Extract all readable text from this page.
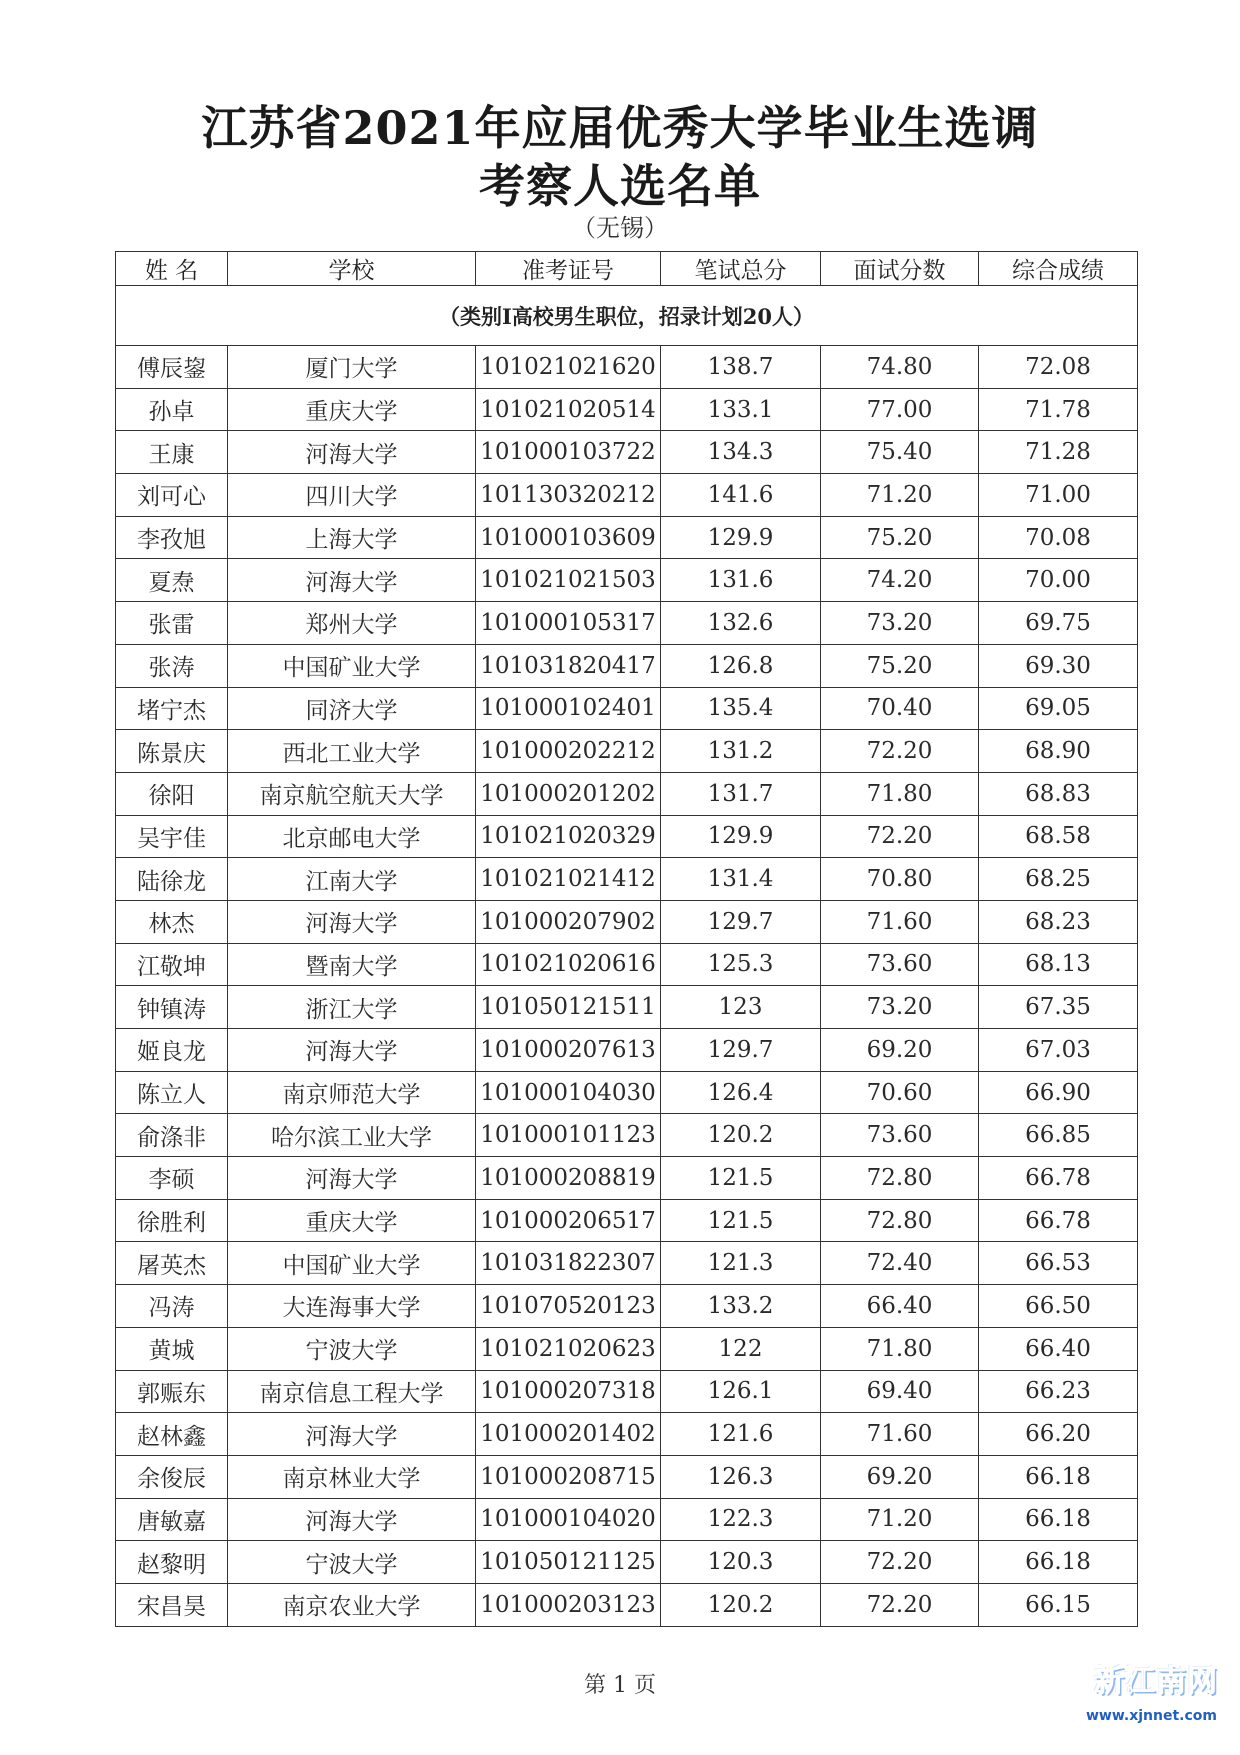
江苏省2021年应届优秀大学毕业生选调
考察人选名单
（无锡）
姓 名	学校	准考证号	笔试总分	面试分数	综合成绩
（类别Ⅰ高校男生职位，招录计划20人）					
傅辰鋆	厦门大学	101021021620	138.7	74.80	72.08
孙卓	重庆大学	101021020514	133.1	77.00	71.78
王康	河海大学	101000103722	134.3	75.40	71.28
刘可心	四川大学	101130320212	141.6	71.20	71.00
李孜旭	上海大学	101000103609	129.9	75.20	70.08
夏焘	河海大学	101021021503	131.6	74.20	70.00
张雷	郑州大学	101000105317	132.6	73.20	69.75
张涛	中国矿业大学	101031820417	126.8	75.20	69.30
堵宁杰	同济大学	101000102401	135.4	70.40	69.05
陈景庆	西北工业大学	101000202212	131.2	72.20	68.90
徐阳	南京航空航天大学	101000201202	131.7	71.80	68.83
吴宇佳	北京邮电大学	101021020329	129.9	72.20	68.58
陆徐龙	江南大学	101021021412	131.4	70.80	68.25
林杰	河海大学	101000207902	129.7	71.60	68.23
江敬坤	暨南大学	101021020616	125.3	73.60	68.13
钟镇涛	浙江大学	101050121511	123	73.20	67.35
姬良龙	河海大学	101000207613	129.7	69.20	67.03
陈立人	南京师范大学	101000104030	126.4	70.60	66.90
俞涤非	哈尔滨工业大学	101000101123	120.2	73.60	66.85
李硕	河海大学	101000208819	121.5	72.80	66.78
徐胜利	重庆大学	101000206517	121.5	72.80	66.78
屠英杰	中国矿业大学	101031822307	121.3	72.40	66.53
冯涛	大连海事大学	101070520123	133.2	66.40	66.50
黄城	宁波大学	101021020623	122	71.80	66.40
郭赈东	南京信息工程大学	101000207318	126.1	69.40	66.23
赵林鑫	河海大学	101000201402	121.6	71.60	66.20
余俊辰	南京林业大学	101000208715	126.3	69.20	66.18
唐敏嘉	河海大学	101000104020	122.3	71.20	66.18
赵黎明	宁波大学	101050121125	120.3	72.20	66.18
宋昌昊	南京农业大学	101000203123	120.2	72.20	66.15
第 1 页	新江南网
www.xjnnet.com
